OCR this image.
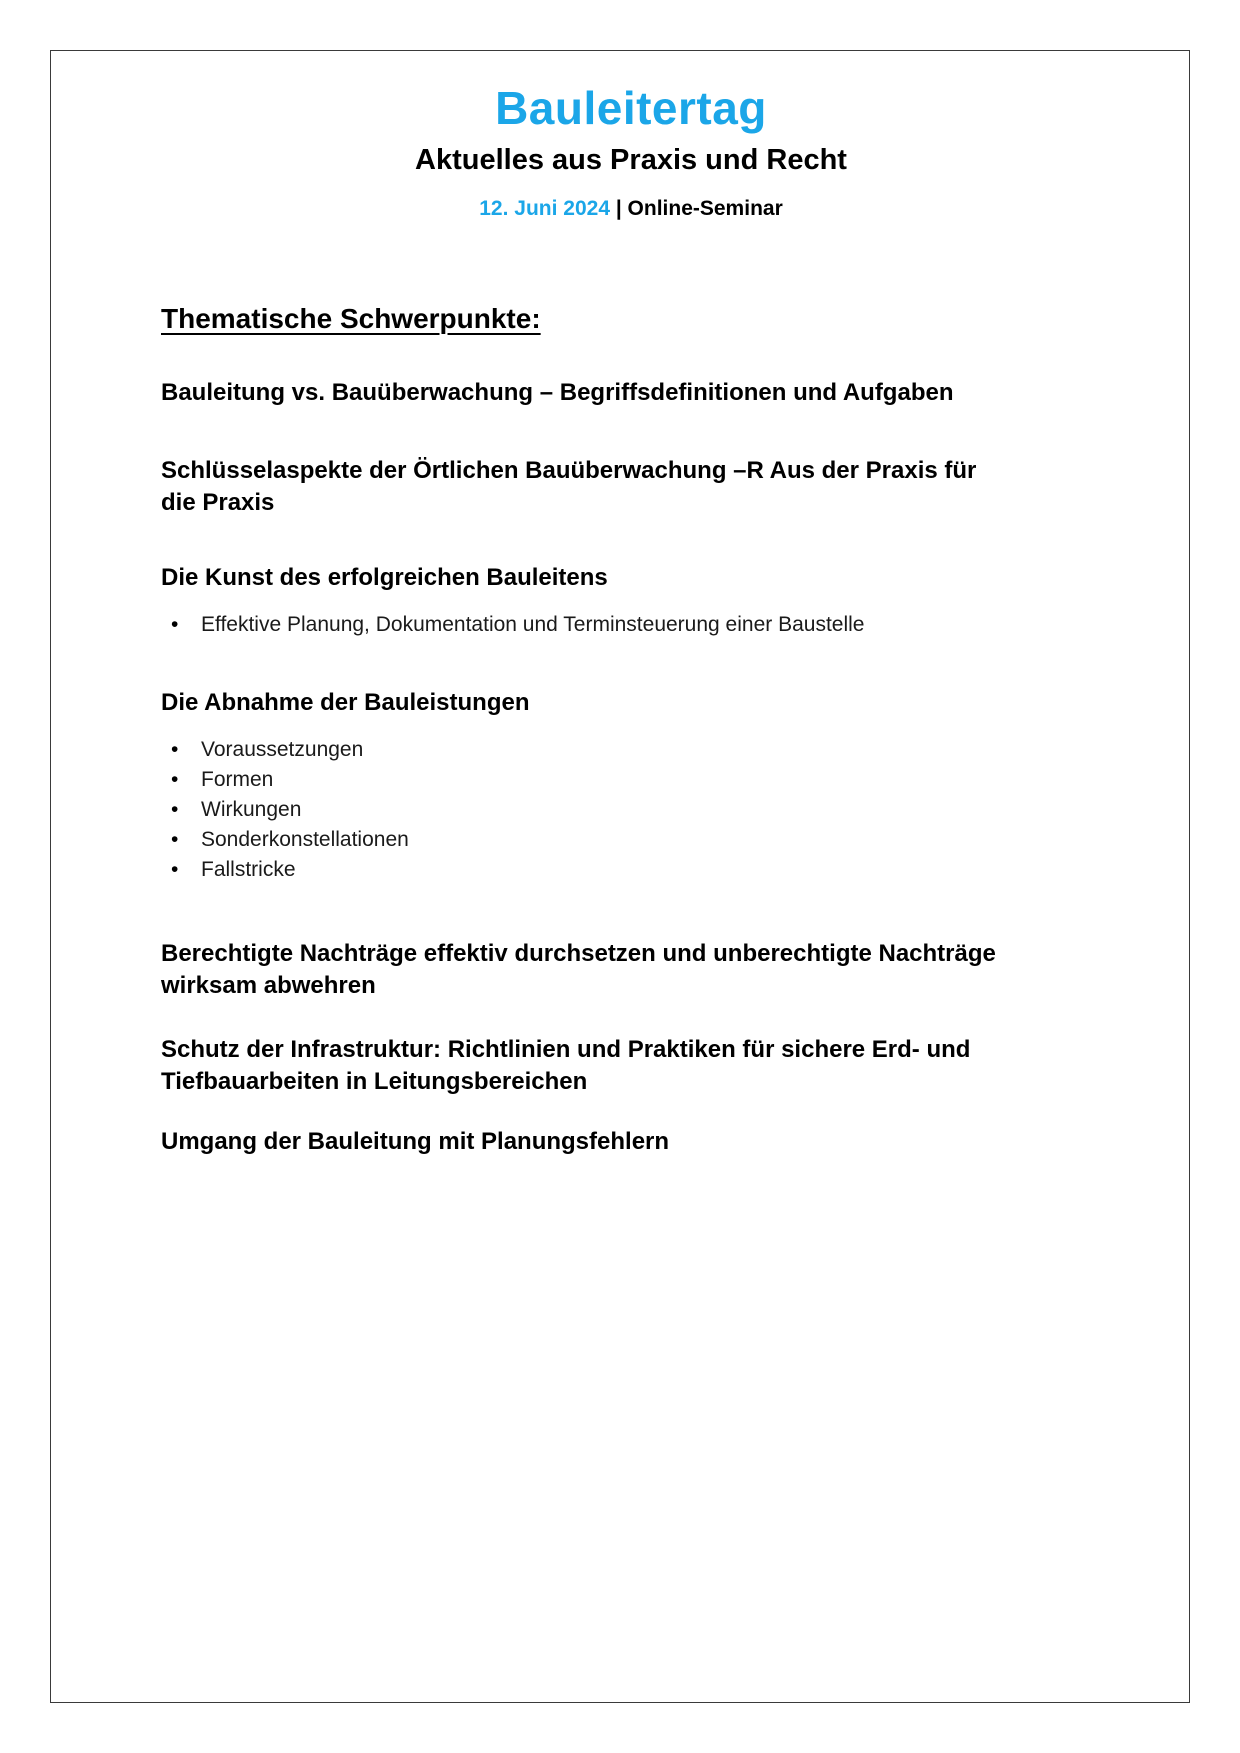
Bauleitertag
Aktuelles aus Praxis und Recht
12. Juni 2024 | Online-Seminar
Thematische Schwerpunkte:
Bauleitung vs. Bauüberwachung – Begriffsdefinitionen und Aufgaben
Schlüsselaspekte der Örtlichen Bauüberwachung –R Aus der Praxis für die Praxis
Die Kunst des erfolgreichen Bauleitens
• Effektive Planung, Dokumentation und Terminsteuerung einer Baustelle
Die Abnahme der Bauleistungen
• Voraussetzungen
• Formen
• Wirkungen
• Sonderkonstellationen
• Fallstricke
Berechtigte Nachträge effektiv durchsetzen und unberechtigte Nachträge wirksam abwehren
Schutz der Infrastruktur: Richtlinien und Praktiken für sichere Erd- und Tiefbauarbeiten in Leitungsbereichen
Umgang der Bauleitung mit Planungsfehlern
